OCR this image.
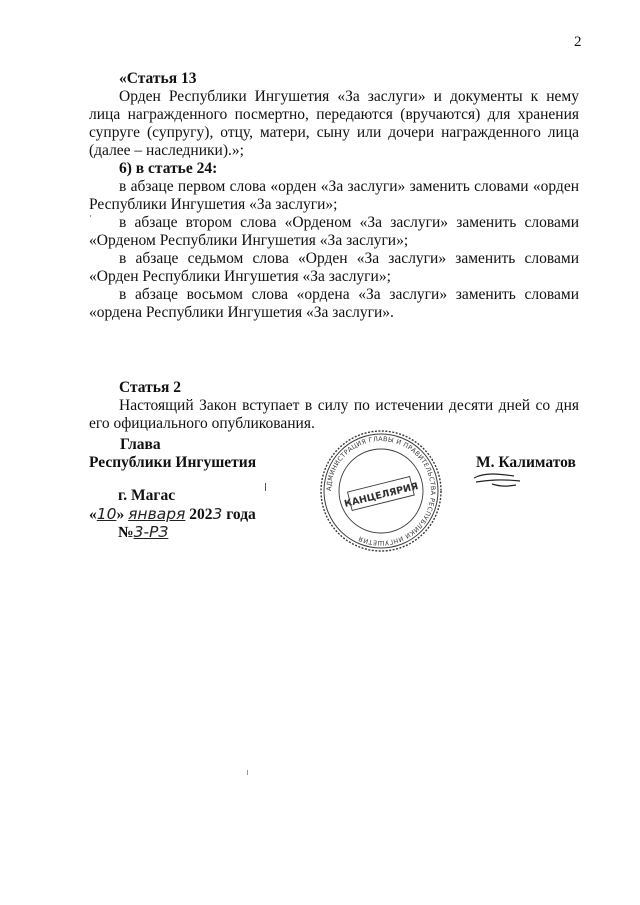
2

«Статья 13

Орден Республики Ингушетия «За заслуги» и документы к нему лица награжденного посмертно, передаются (вручаются) для хранения супруге (супругу), отцу, матери, сыну или дочери награжденного лица (далее – наследники).»;

6) в статье 24:

в абзаце первом слова «орден «За заслуги» заменить словами «орден Республики Ингушетия «За заслуги»;

в абзаце втором слова «Орденом «За заслуги» заменить словами «Орденом Республики Ингушетия «За заслуги»;

в абзаце седьмом слова «Орден «За заслуги» заменить словами «Орден Республики Ингушетия «За заслуги»;

в абзаце восьмом слова «ордена «За заслуги» заменить словами «ордена Республики Ингушетия «За заслуги».

Статья 2

Настоящий Закон вступает в силу по истечении десяти дней со дня его официального опубликования.

Глава
Республики Ингушетия	М. Калиматов
г. Магас
«10» января 2023 года
№3-РЗ
АДМИНИСТРАЦИЯ ГЛАВЫ И ПРАВИТЕЛЬСТВА РЕСПУБЛИКИ ИНГУШЕТИЯ
КАНЦЕЛЯРИЯ
